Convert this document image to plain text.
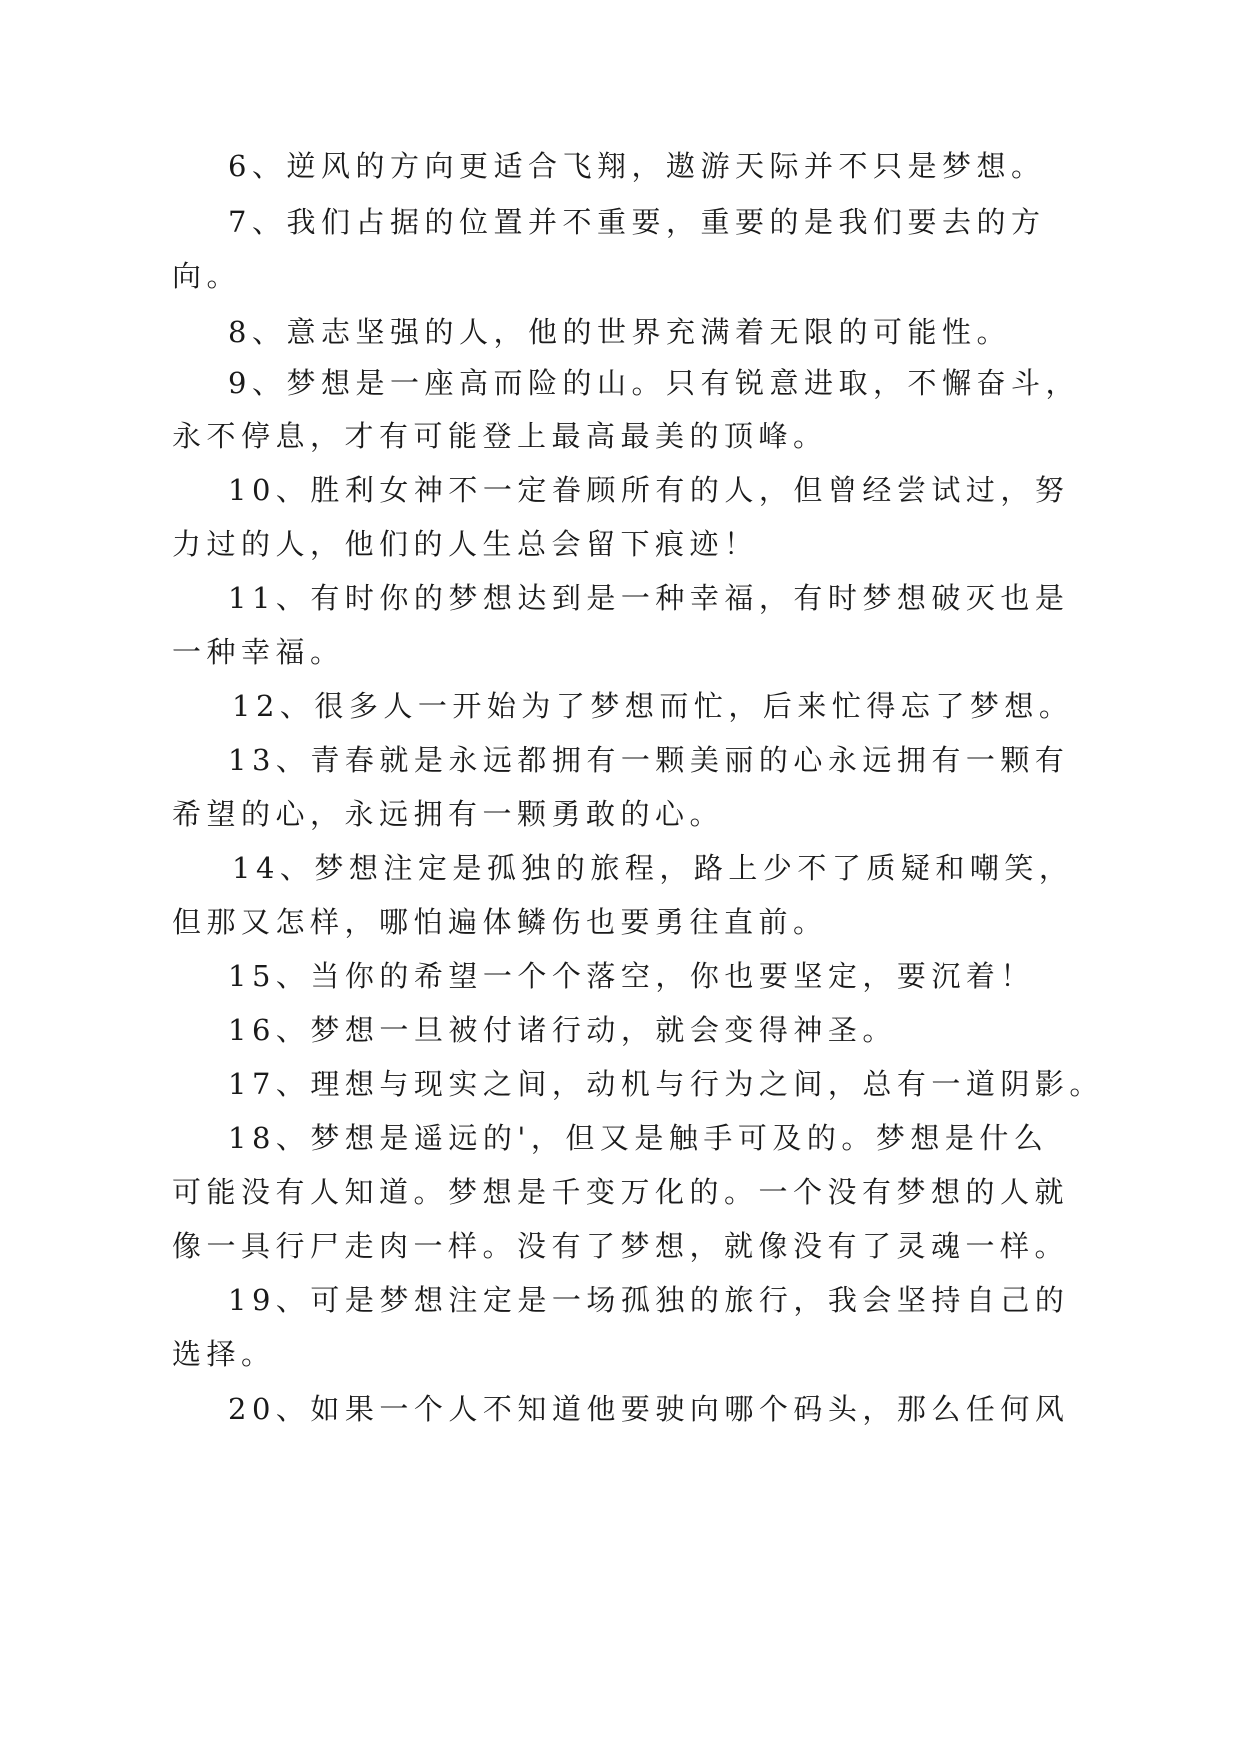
6、逆风的方向更适合飞翔，遨游天际并不只是梦想。
7、我们占据的位置并不重要，重要的是我们要去的方
向。
8、意志坚强的人，他的世界充满着无限的可能性。
9、梦想是一座高而险的山。只有锐意进取，不懈奋斗，
永不停息，才有可能登上最高最美的顶峰。
10、胜利女神不一定眷顾所有的人，但曾经尝试过，努
力过的人，他们的人生总会留下痕迹！
11、有时你的梦想达到是一种幸福，有时梦想破灭也是
一种幸福。
12、很多人一开始为了梦想而忙，后来忙得忘了梦想。
13、青春就是永远都拥有一颗美丽的心永远拥有一颗有
希望的心，永远拥有一颗勇敢的心。
14、梦想注定是孤独的旅程，路上少不了质疑和嘲笑，
但那又怎样，哪怕遍体鳞伤也要勇往直前。
15、当你的希望一个个落空，你也要坚定，要沉着！
16、梦想一旦被付诸行动，就会变得神圣。
17、理想与现实之间，动机与行为之间，总有一道阴影。
18、梦想是遥远的'，但又是触手可及的。梦想是什么
可能没有人知道。梦想是千变万化的。一个没有梦想的人就
像一具行尸走肉一样。没有了梦想，就像没有了灵魂一样。
19、可是梦想注定是一场孤独的旅行，我会坚持自己的
选择。
20、如果一个人不知道他要驶向哪个码头，那么任何风
